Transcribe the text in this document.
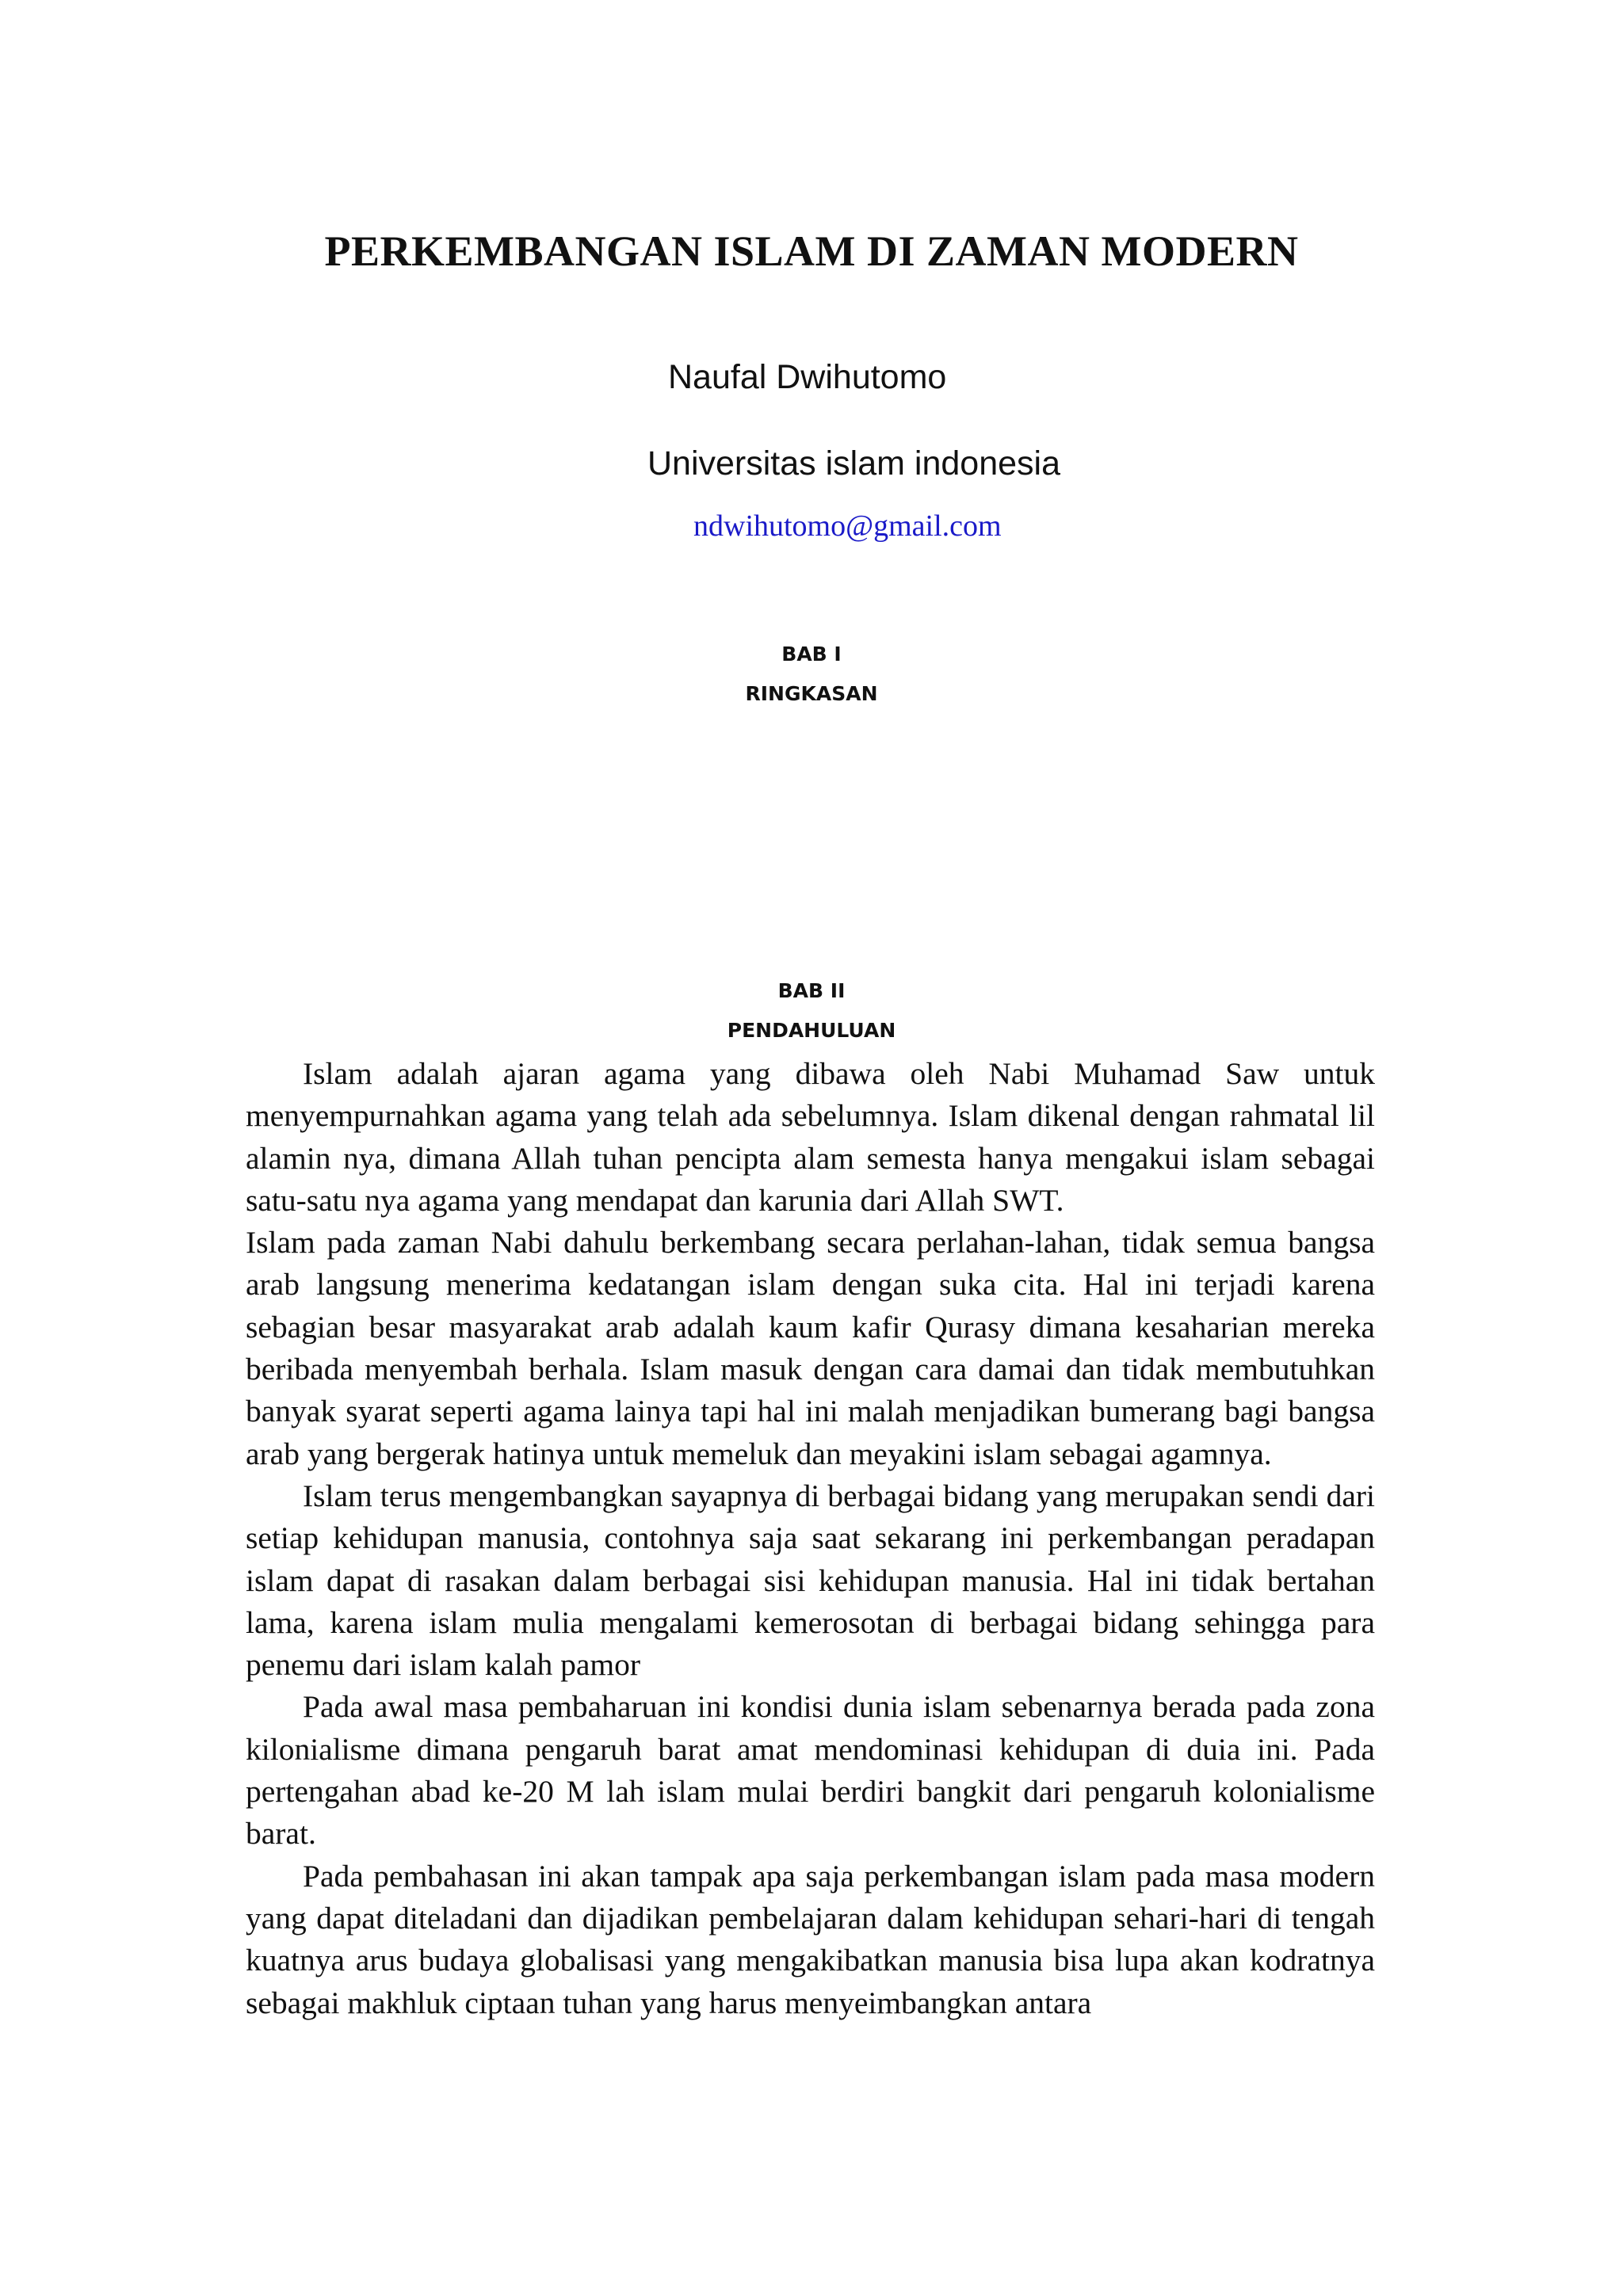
PERKEMBANGAN ISLAM DI ZAMAN MODERN

Naufal Dwihutomo

Universitas islam indonesia

ndwihutomo@gmail.com

BAB I
RINGKASAN
BAB II
PENDAHULUAN

Islam adalah ajaran agama yang dibawa oleh Nabi Muhamad Saw untuk menyempurnahkan agama yang telah ada sebelumnya. Islam dikenal dengan rahmatal lil alamin nya, dimana Allah tuhan pencipta alam semesta hanya mengakui islam sebagai satu-satu nya agama yang mendapat dan karunia dari Allah SWT.

Islam pada zaman Nabi dahulu berkembang secara perlahan-lahan, tidak semua bangsa arab langsung menerima kedatangan islam dengan suka cita. Hal ini terjadi karena sebagian besar masyarakat arab adalah kaum kafir Qurasy dimana kesaharian mereka beribada menyembah berhala. Islam masuk dengan cara damai dan tidak membutuhkan banyak syarat seperti agama lainya tapi hal ini malah menjadikan bumerang bagi bangsa arab yang bergerak hatinya untuk memeluk dan meyakini islam sebagai agamnya.

Islam terus mengembangkan sayapnya di berbagai bidang yang merupakan sendi dari setiap kehidupan manusia, contohnya saja saat sekarang ini perkembangan peradapan islam dapat di rasakan dalam berbagai sisi kehidupan manusia. Hal ini tidak bertahan lama, karena islam mulia mengalami kemerosotan di berbagai bidang sehingga para penemu dari islam kalah pamor

Pada awal masa pembaharuan ini kondisi dunia islam sebenarnya berada pada zona kilonialisme dimana pengaruh barat amat mendominasi kehidupan di duia ini. Pada pertengahan abad ke-20 M lah islam mulai berdiri bangkit dari pengaruh kolonialisme barat.

Pada pembahasan ini akan tampak apa saja perkembangan islam pada masa modern yang dapat diteladani dan dijadikan pembelajaran dalam kehidupan sehari-hari di tengah kuatnya arus budaya globalisasi yang mengakibatkan manusia bisa lupa akan kodratnya sebagai makhluk ciptaan tuhan yang harus menyeimbangkan antara
